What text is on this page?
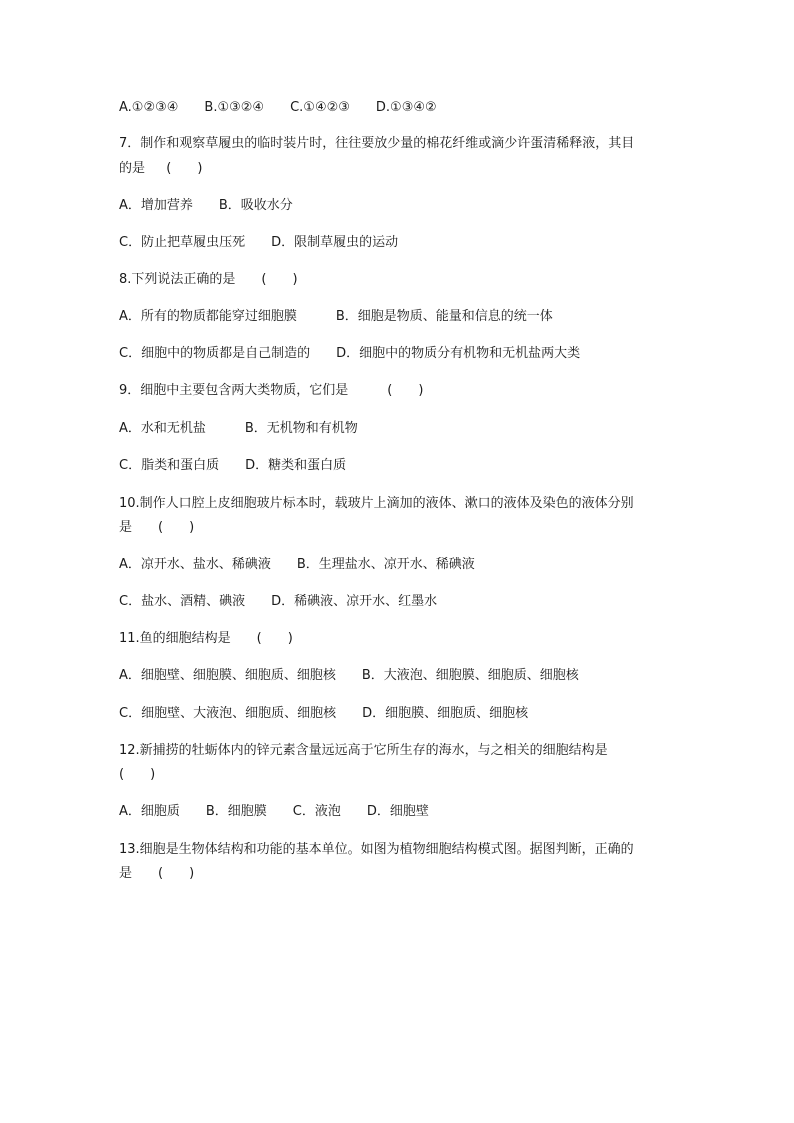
A.①②③④　　B.①③②④　　C.①④②③　　D.①③④②
7．制作和观察草履虫的临时装片时，往往要放少量的棉花纤维或滴少许蛋清稀释液，其目
的是　  (　　)
A．增加营养　　B．吸收水分
C．防止把草履虫压死　　D．限制草履虫的运动
8.下列说法正确的是　　(　　)
A．所有的物质都能穿过细胞膜　　　B．细胞是物质、能量和信息的统一体
C．细胞中的物质都是自己制造的　　D．细胞中的物质分有机物和无机盐两大类
9．细胞中主要包含两大类物质，它们是　　　(　　)
A．水和无机盐　　　B．无机物和有机物
C．脂类和蛋白质　　D．糖类和蛋白质
10.制作人口腔上皮细胞玻片标本时，载玻片上滴加的液体、漱口的液体及染色的液体分别
是　　(　　)
A．凉开水、盐水、稀碘液　　B．生理盐水、凉开水、稀碘液
C．盐水、酒精、碘液　　D．稀碘液、凉开水、红墨水
11.鱼的细胞结构是　　(　　)
A．细胞壁、细胞膜、细胞质、细胞核　　B．大液泡、细胞膜、细胞质、细胞核
C．细胞壁、大液泡、细胞质、细胞核　　D．细胞膜、细胞质、细胞核
12.新捕捞的牡蛎体内的锌元素含量远远高于它所生存的海水，与之相关的细胞结构是
(　　)
A．细胞质　　B．细胞膜　　C．液泡　　D．细胞壁
13.细胞是生物体结构和功能的基本单位。如图为植物细胞结构模式图。据图判断，正确的
是　　(　　)
